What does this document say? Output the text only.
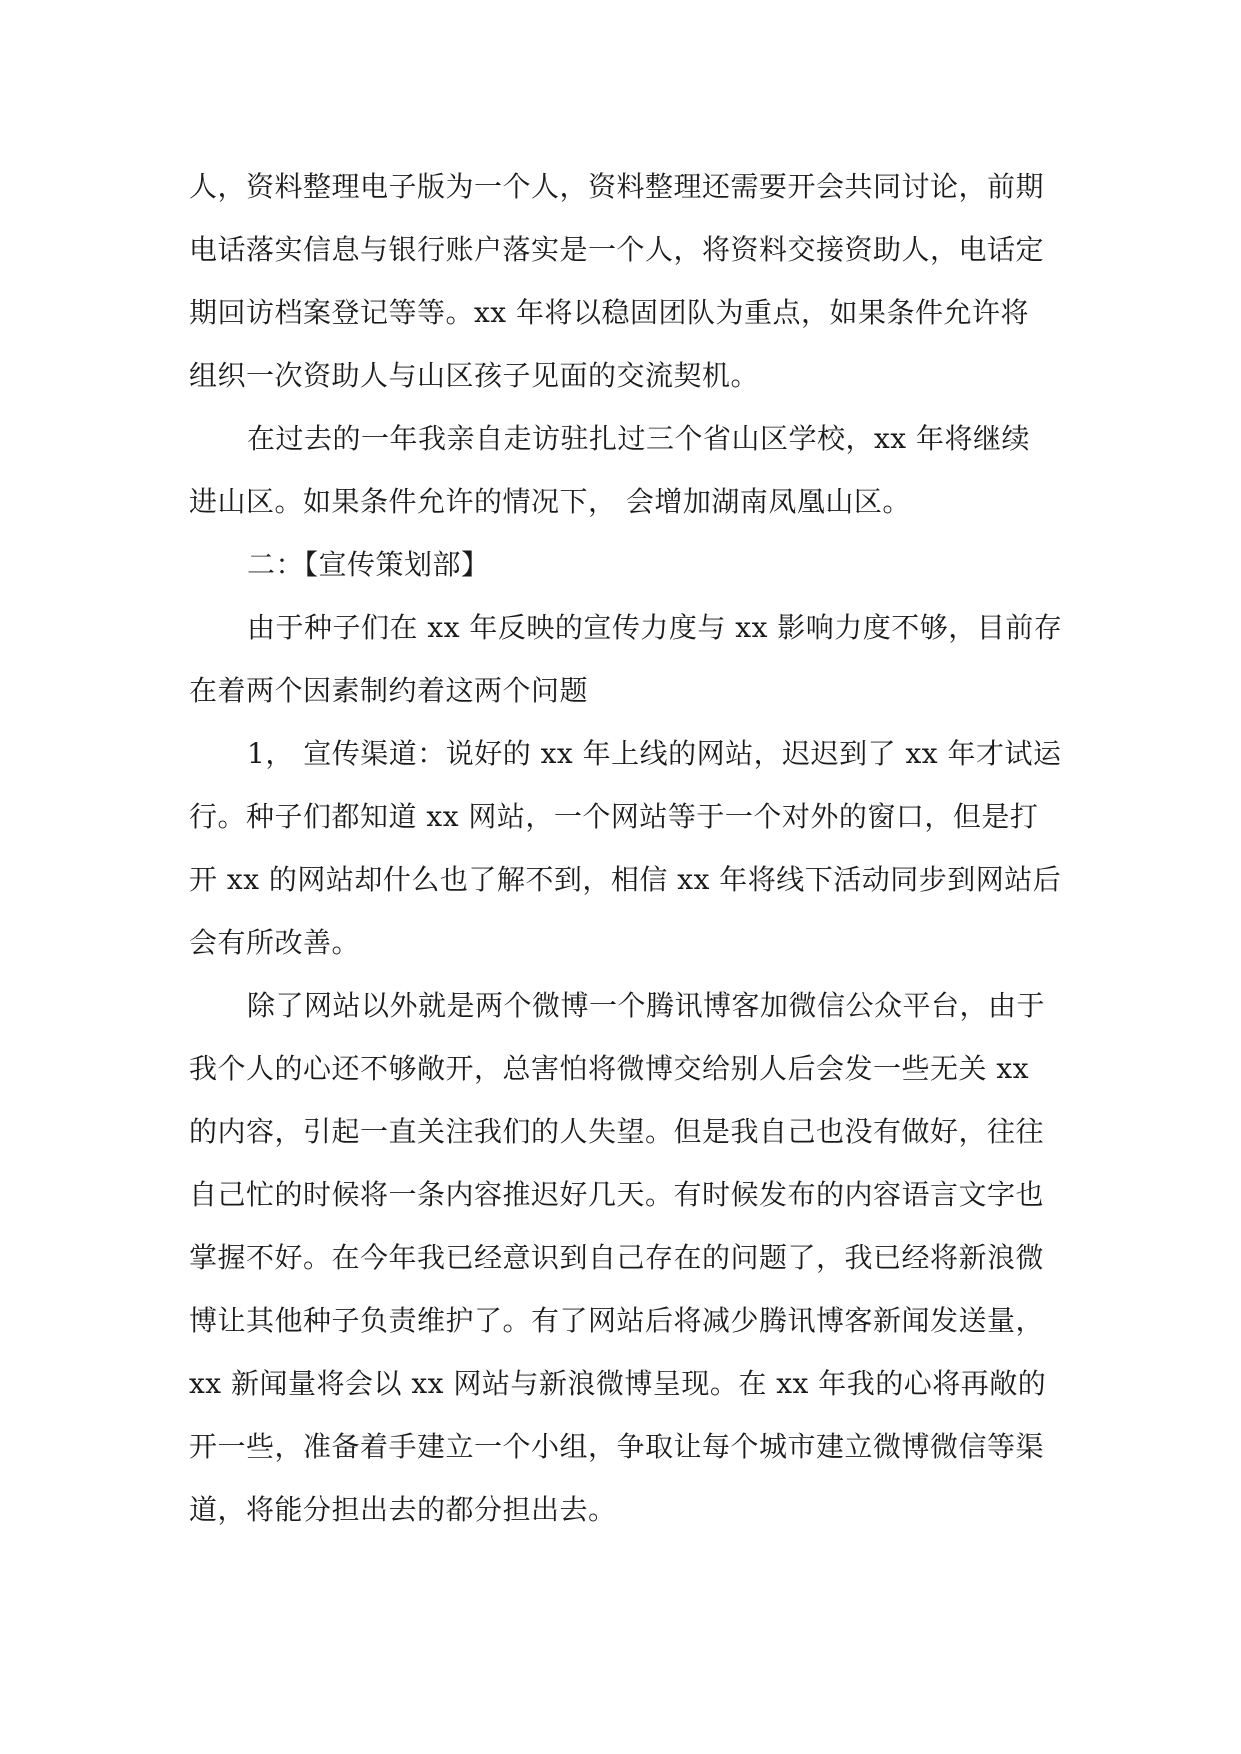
人，资料整理电子版为一个人，资料整理还需要开会共同讨论，前期
电话落实信息与银行账户落实是一个人，将资料交接资助人，电话定
期回访档案登记等等。xx 年将以稳固团队为重点，如果条件允许将
组织一次资助人与山区孩子见面的交流契机。

在过去的一年我亲自走访驻扎过三个省山区学校，xx 年将继续
进山区。如果条件允许的情况下， 会增加湖南凤凰山区。

二：【宣传策划部】

由于种子们在 xx 年反映的宣传力度与 xx 影响力度不够，目前存
在着两个因素制约着这两个问题

1， 宣传渠道：说好的 xx 年上线的网站，迟迟到了 xx 年才试运
行。种子们都知道 xx 网站，一个网站等于一个对外的窗口，但是打
开 xx 的网站却什么也了解不到，相信 xx 年将线下活动同步到网站后
会有所改善。

除了网站以外就是两个微博一个腾讯博客加微信公众平台，由于
我个人的心还不够敞开，总害怕将微博交给别人后会发一些无关 xx
的内容，引起一直关注我们的人失望。但是我自己也没有做好，往往
自己忙的时候将一条内容推迟好几天。有时候发布的内容语言文字也
掌握不好。在今年我已经意识到自己存在的问题了，我已经将新浪微
博让其他种子负责维护了。有了网站后将减少腾讯博客新闻发送量，
xx 新闻量将会以 xx 网站与新浪微博呈现。在 xx 年我的心将再敞的
开一些，准备着手建立一个小组，争取让每个城市建立微博微信等渠
道，将能分担出去的都分担出去。
